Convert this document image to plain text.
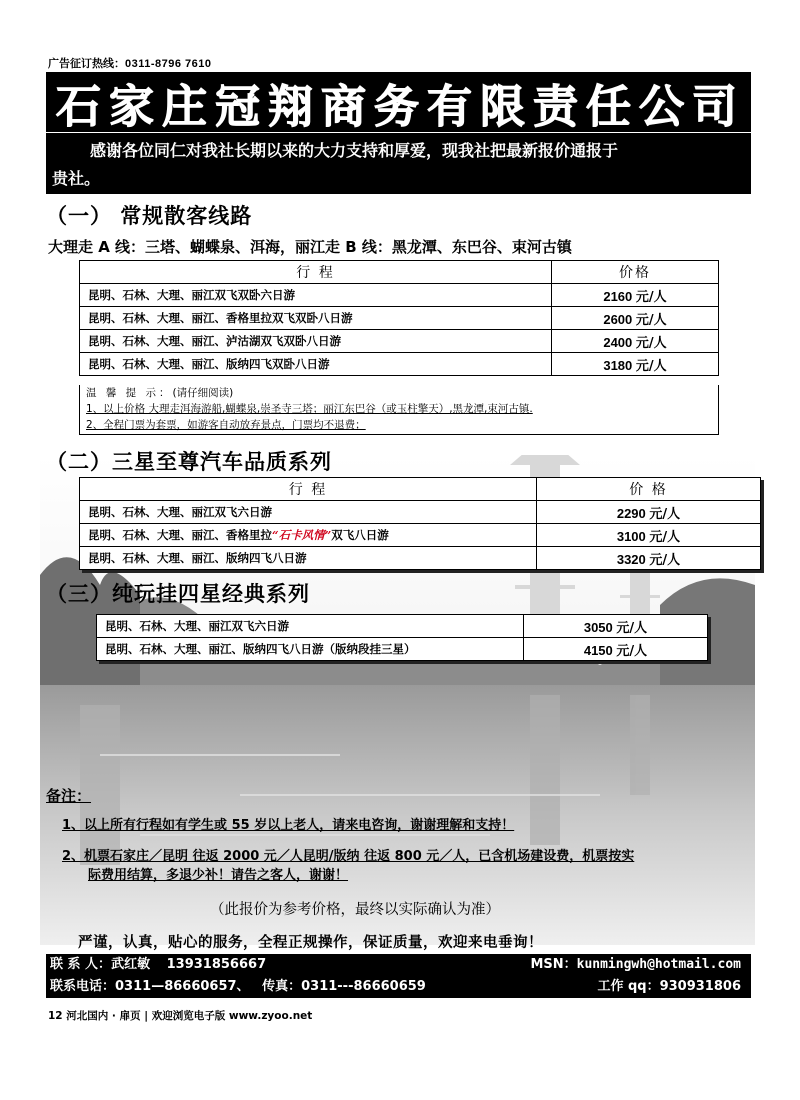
广告征订热线：0311-8796 7610
石家庄冠翔商务有限责任公司
感谢各位同仁对我社长期以来的大力支持和厚爱，现我社把最新报价通报于
贵社。
（一） 常规散客线路
大理走 A 线：三塔、蝴蝶泉、洱海，丽江走 B 线：黑龙潭、东巴谷、束河古镇
行 程	价格
昆明、石林、大理、丽江双飞双卧六日游	2160 元/人
昆明、石林、大理、丽江、香格里拉双飞双卧八日游	2600 元/人
昆明、石林、大理、丽江、泸沽湖双飞双卧八日游	2400 元/人
昆明、石林、大理、丽江、版纳四飞双卧八日游	3180 元/人
温 馨 提 示：(请仔细阅读)
1、以上价格 大理走洱海游船,蝴蝶泉,崇圣寺三塔；丽江东巴谷（或玉柱擎天）,黑龙潭,束河古镇.
2、全程门票为套票，如游客自动放弃景点，门票均不退费；
（二）三星至尊汽车品质系列
行 程	价 格
昆明、石林、大理、丽江双飞六日游	2290 元/人
昆明、石林、大理、丽江、香格里拉“石卡风情”双飞八日游	3100 元/人
昆明、石林、大理、丽江、版纳四飞八日游	3320 元/人
（三）纯玩挂四星经典系列
昆明、石林、大理、丽江双飞六日游	3050 元/人
昆明、石林、大理、丽江、版纳四飞八日游（版纳段挂三星）	4150 元/人
备注：
1、以上所有行程如有学生或 55 岁以上老人，请来电咨询，谢谢理解和支持！
2、机票石家庄／昆明 往返 2000 元／人昆明/版纳 往返 800 元／人，已含机场建设费，机票按实
际费用结算，多退少补！请告之客人，谢谢！
（此报价为参考价格，最终以实际确认为准）
严谨，认真，贴心的服务，全程正规操作，保证质量，欢迎来电垂询！
联 系 人：武红敏 13931856667	MSN：kunmingwh@hotmail.com
联系电话：0311—86660657、 传真：0311---86660659	工作 qq：930931806
12 河北国内 · 扉页 | 欢迎浏览电子版 www.zyoo.net
